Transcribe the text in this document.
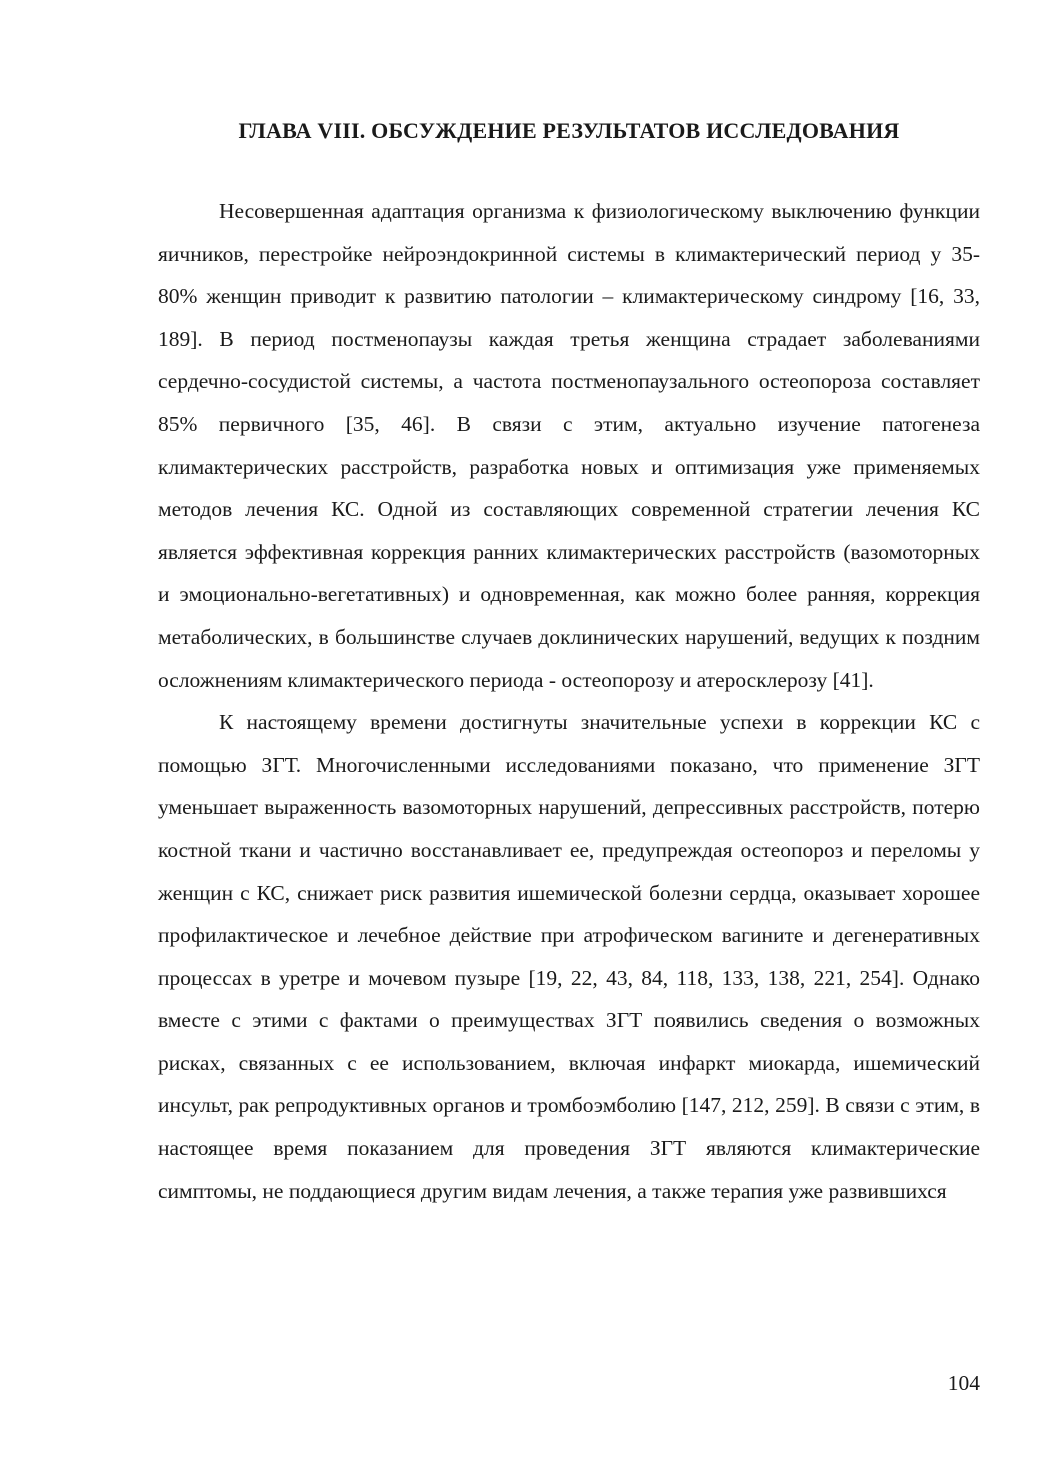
ГЛАВА VIII. ОБСУЖДЕНИЕ РЕЗУЛЬТАТОВ ИССЛЕДОВАНИЯ

Несовершенная адаптация организма к физиологическому выключению функции яичников, перестройке нейроэндокринной системы в климактерический период у 35-80% женщин приводит к развитию патологии – климактерическому синдрому [16, 33, 189]. В период постменопаузы каждая третья женщина страдает заболеваниями сердечно-сосудистой системы, а частота постменопаузального остеопороза составляет 85% первичного [35, 46]. В связи с этим, актуально изучение патогенеза климактерических расстройств, разработка новых и оптимизация уже применяемых методов лечения КС. Одной из составляющих современной стратегии лечения КС является эффективная коррекция ранних климактерических расстройств (вазомоторных и эмоционально-вегетативных) и одновременная, как можно более ранняя, коррекция метаболических, в большинстве случаев доклинических нарушений, ведущих к поздним осложнениям климактерического периода - остеопорозу и атеросклерозу [41].

К настоящему времени достигнуты значительные успехи в коррекции КС с помощью ЗГТ. Многочисленными исследованиями показано, что применение ЗГТ уменьшает выраженность вазомоторных нарушений, депрессивных расстройств, потерю костной ткани и частично восстанавливает ее, предупреждая остеопороз и переломы у женщин с КС, снижает риск развития ишемической болезни сердца, оказывает хорошее профилактическое и лечебное действие при атрофическом вагините и дегенеративных процессах в уретре и мочевом пузыре [19, 22, 43, 84, 118, 133, 138, 221, 254]. Однако вместе с этими с фактами о преимуществах ЗГТ появились сведения о возможных рисках, связанных с ее использованием, включая инфаркт миокарда, ишемический инсульт, рак репродуктивных органов и тромбоэмболию [147, 212, 259]. В связи с этим, в настоящее время показанием для проведения ЗГТ являются климактерические симптомы, не поддающиеся другим видам лечения, а также терапия уже развившихся

104
